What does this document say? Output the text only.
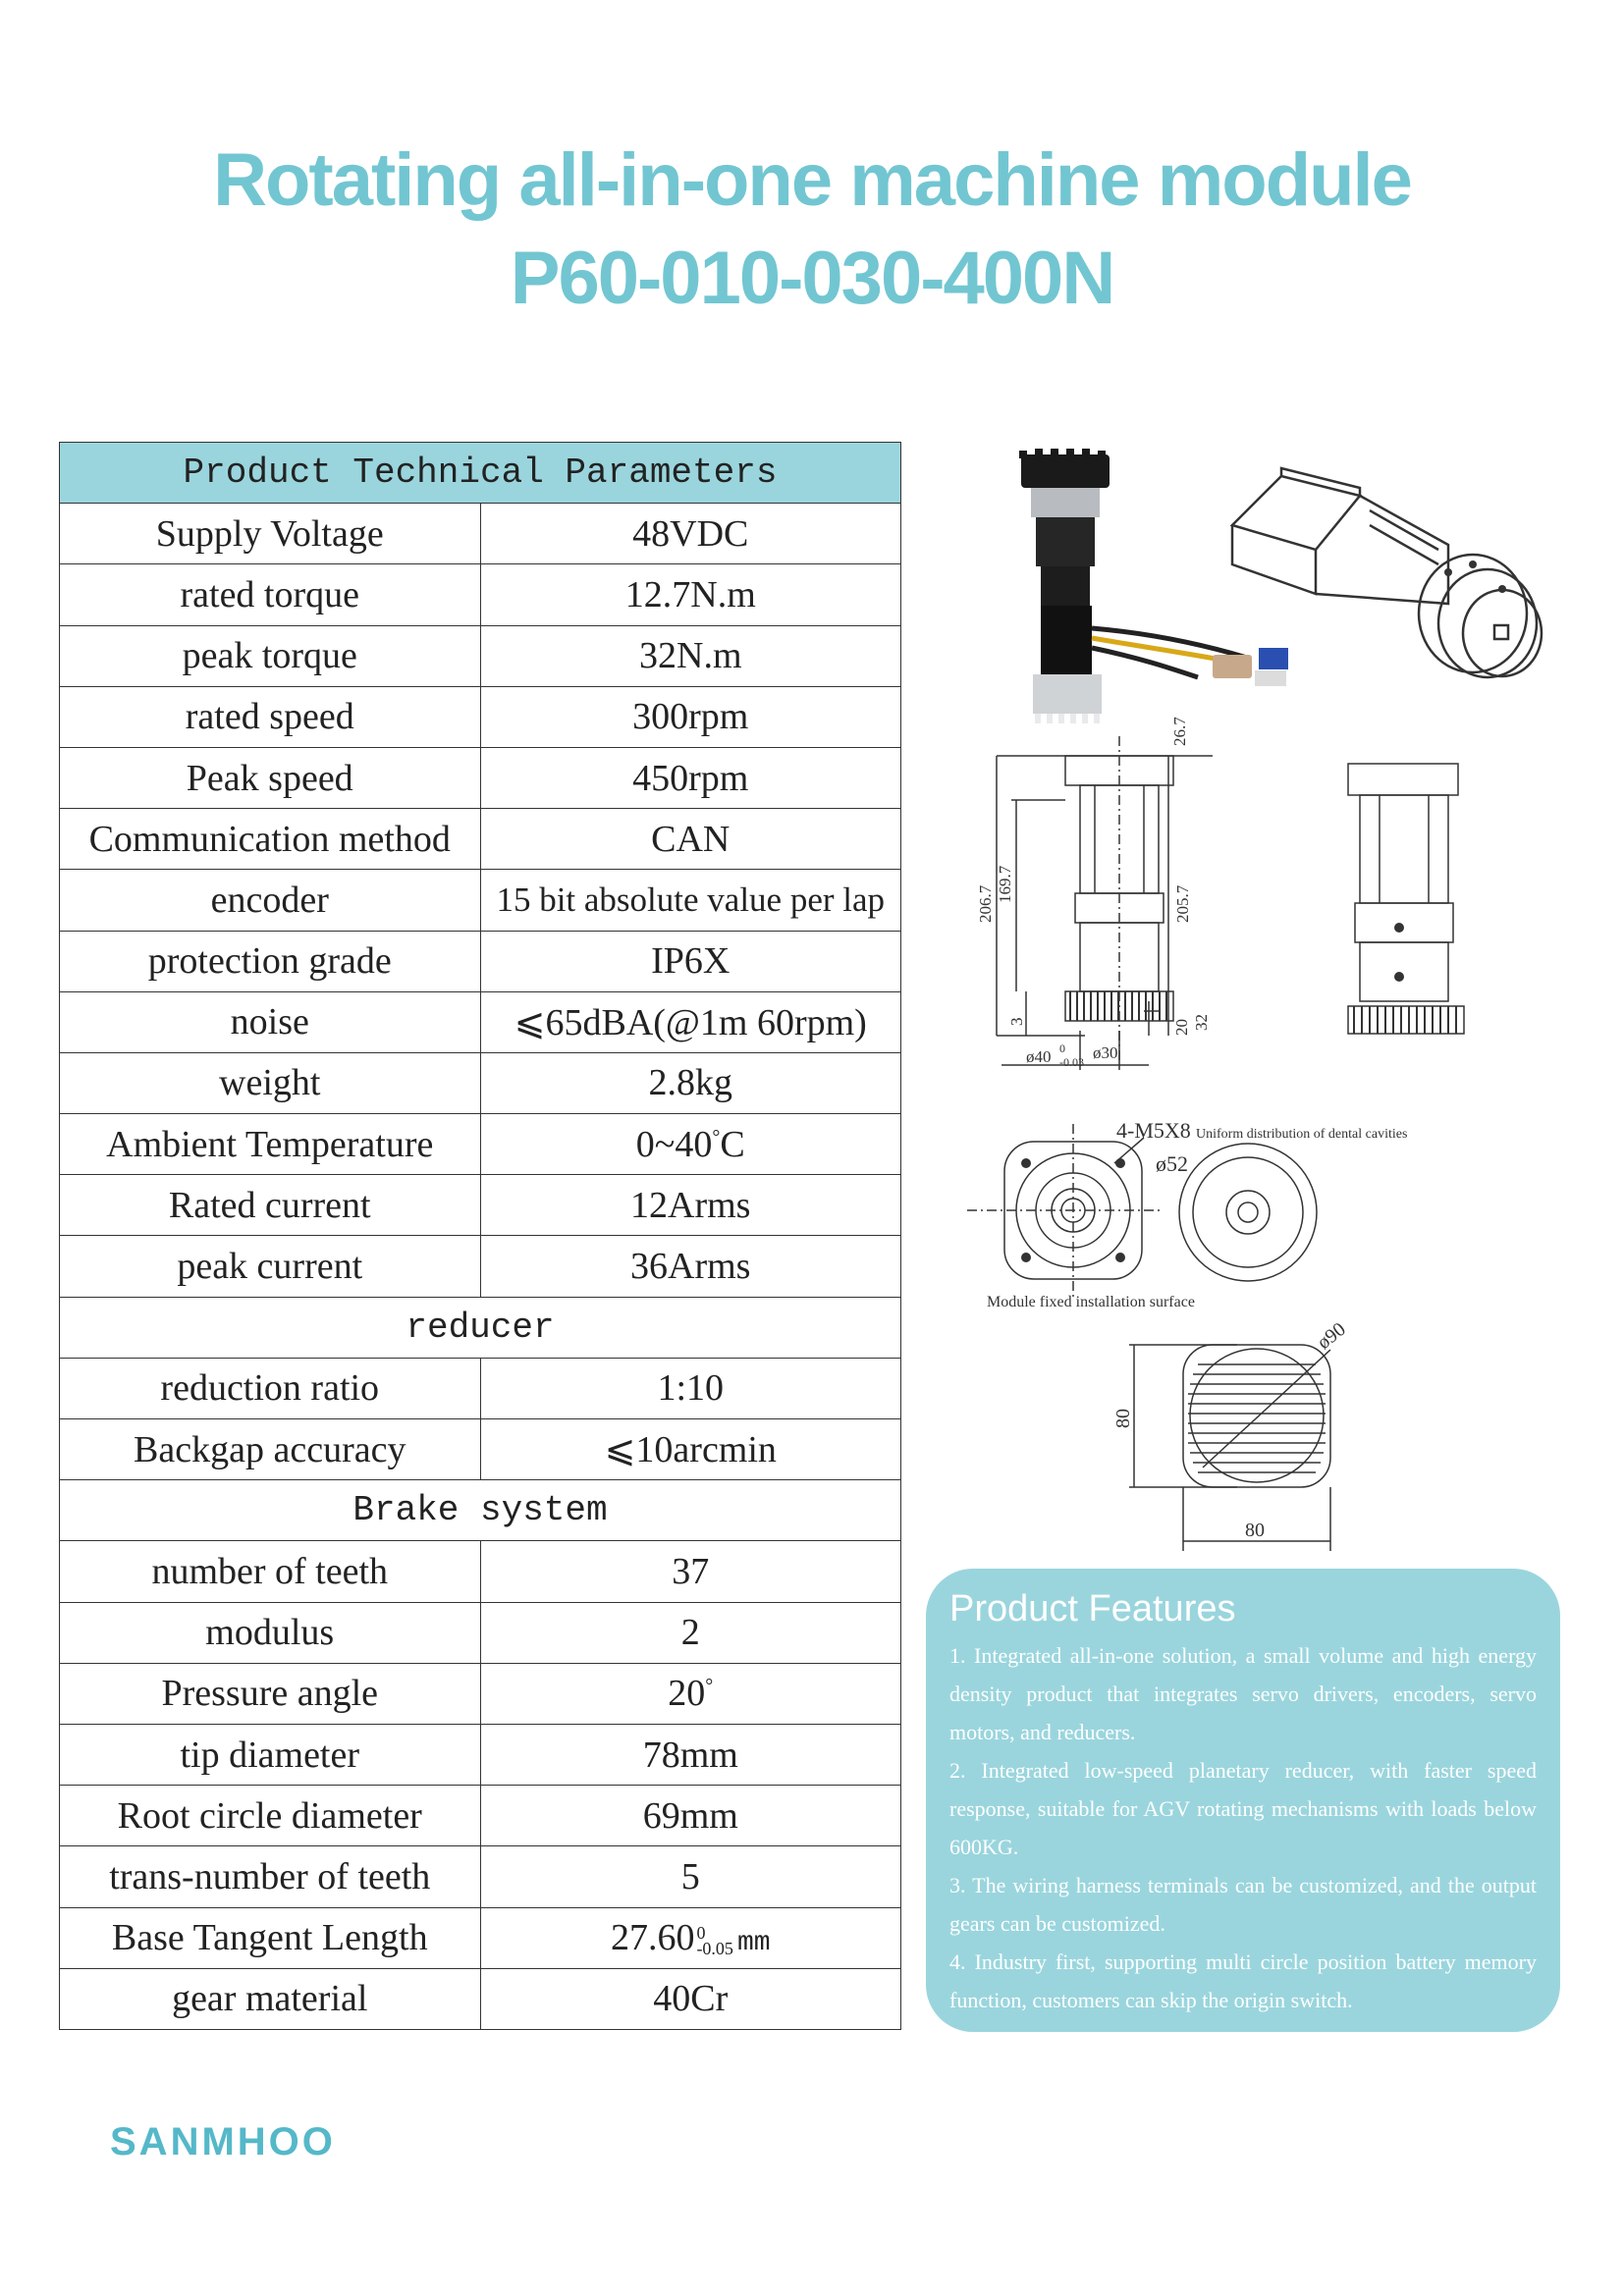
Rotating all-in-one machine module
P60-010-030-400N
Product Technical Parameters	
Supply Voltage	48VDC
rated torque	12.7N.m
peak torque	32N.m
rated speed	300rpm
Peak speed	450rpm
Communication method	CAN
encoder	15 bit absolute value per lap
protection grade	IP6X
noise	⩽65dBA(@1m 60rpm)
weight	2.8kg
Ambient Temperature	0~40°C
Rated current	12Arms
peak current	36Arms
reducer	
reduction ratio	1:10
Backgap accuracy	⩽10arcmin
Brake system	
number of teeth	37
modulus	2
Pressure angle	20°
tip diameter	78mm
Root circle diameter	69mm
trans-number of teeth	5
Base Tangent Length	27.60 0
-0.05 mm
gear material	40Cr
26.7
206.7
169.7
205.7
3	20 32
ø40 0
-0.03 ø30
4-M5X8 Uniform distribution of dental cavities
ø52
Module fixed installation surface
ø90
80
80
Product Features

1. Integrated all-in-one solution, a small volume and high energy density product that integrates servo drivers, encoders, servo motors, and reducers.

2. Integrated low-speed planetary reducer, with faster speed response, suitable for AGV rotating mechanisms with loads below 600KG.

3. The wiring harness terminals can be customized, and the output gears can be customized.

4. Industry first, supporting multi circle position battery memory function, customers can skip the origin switch.

SANMHOO
